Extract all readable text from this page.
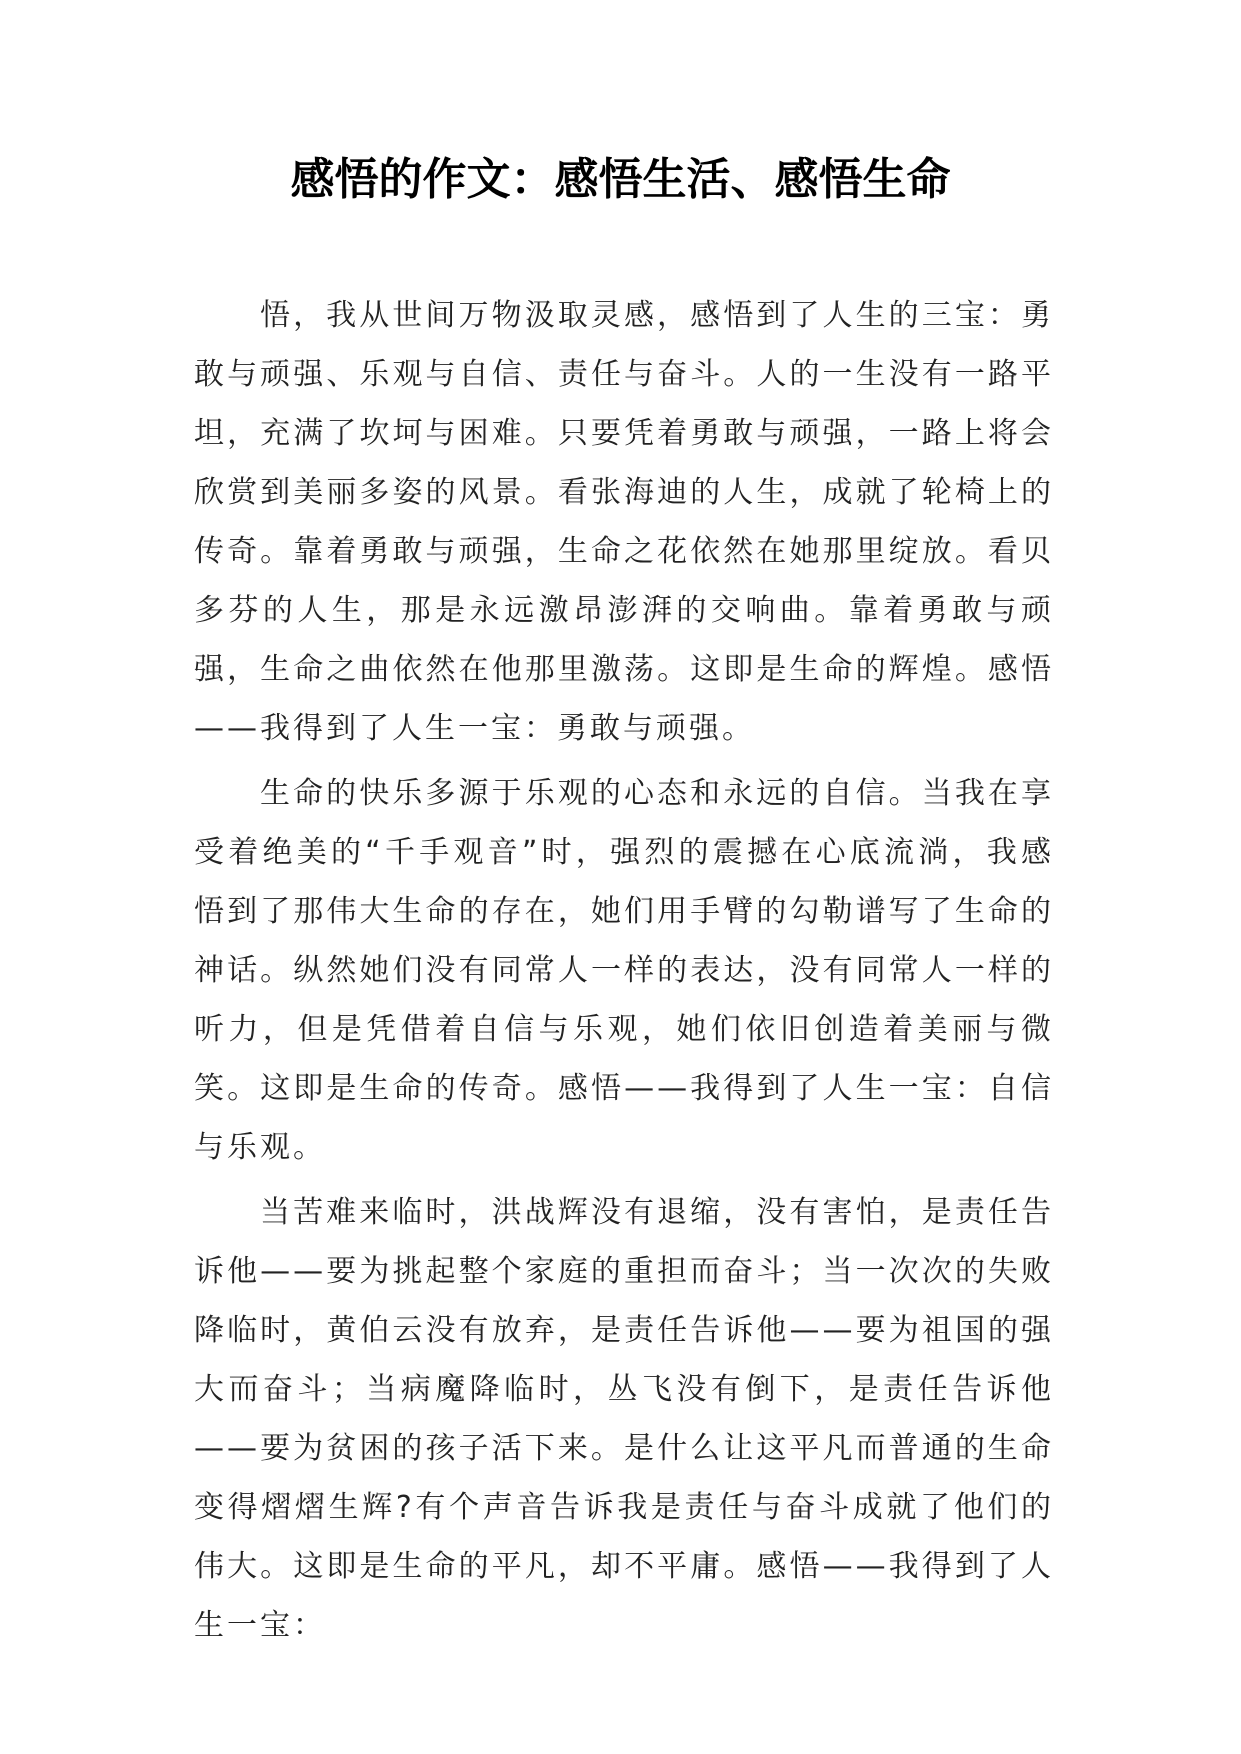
感悟的作文：感悟生活、感悟生命

悟，我从世间万物汲取灵感，感悟到了人生的三宝：勇敢与顽强、乐观与自信、责任与奋斗。人的一生没有一路平坦，充满了坎坷与困难。只要凭着勇敢与顽强，一路上将会欣赏到美丽多姿的风景。看张海迪的人生，成就了轮椅上的传奇。靠着勇敢与顽强，生命之花依然在她那里绽放。看贝多芬的人生，那是永远激昂澎湃的交响曲。靠着勇敢与顽强，生命之曲依然在他那里激荡。这即是生命的辉煌。感悟——我得到了人生一宝：勇敢与顽强。

生命的快乐多源于乐观的心态和永远的自信。当我在享受着绝美的“千手观音”时，强烈的震撼在心底流淌，我感悟到了那伟大生命的存在，她们用手臂的勾勒谱写了生命的神话。纵然她们没有同常人一样的表达，没有同常人一样的听力，但是凭借着自信与乐观，她们依旧创造着美丽与微笑。这即是生命的传奇。感悟——我得到了人生一宝：自信与乐观。

当苦难来临时，洪战辉没有退缩，没有害怕，是责任告诉他——要为挑起整个家庭的重担而奋斗；当一次次的失败降临时，黄伯云没有放弃，是责任告诉他——要为祖国的强大而奋斗；当病魔降临时，丛飞没有倒下，是责任告诉他——要为贫困的孩子活下来。是什么让这平凡而普通的生命变得熠熠生辉?有个声音告诉我是责任与奋斗成就了他们的伟大。这即是生命的平凡，却不平庸。感悟——我得到了人生一宝：
